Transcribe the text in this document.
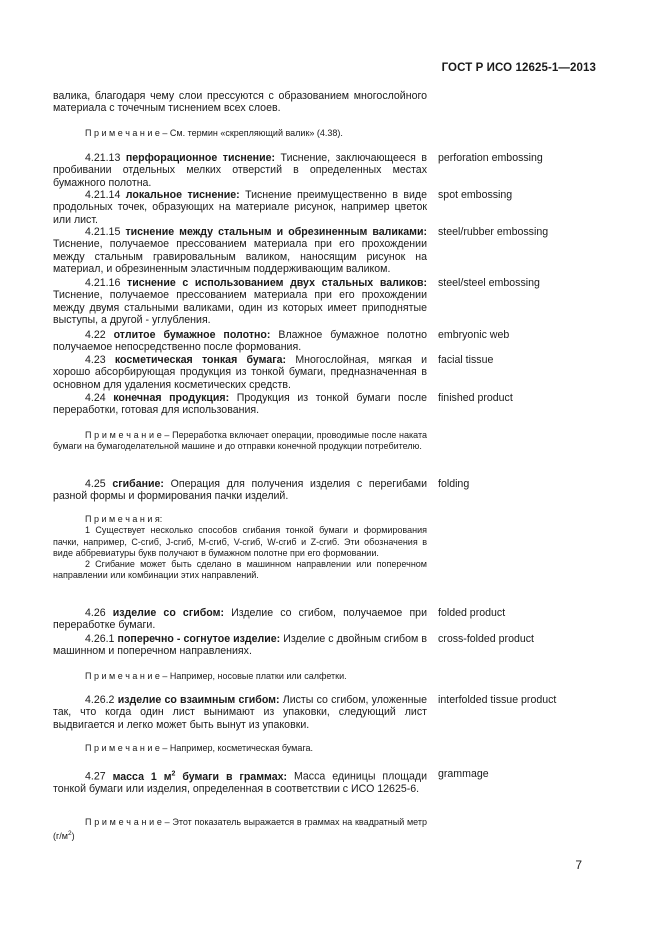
ГОСТ Р ИСО 12625-1—2013
валика, благодаря чему слои прессуются с образованием многослойного материала с точечным тиснением всех слоев.
П р и м е ч а н и е – См. термин «скрепляющий валик» (4.38).
4.21.13 перфорационное тиснение: Тиснение, заключающееся в пробивании отдельных мелких отверстий в определенных местах бумажного полотна.
perforation embossing
4.21.14 локальное тиснение: Тиснение преимущественно в виде продольных точек, образующих на материале рисунок, например цветок или лист.
spot embossing
4.21.15 тиснение между стальным и обрезиненным валиками: Тиснение, получаемое прессованием материала при его прохождении между стальным гравировальным валиком, наносящим рисунок на материал, и обрезиненным эластичным поддерживающим валиком.
steel/rubber embossing
4.21.16 тиснение с использованием двух стальных валиков: Тиснение, получаемое прессованием материала при его прохождении между двумя стальными валиками, один из которых имеет приподнятые выступы, а другой - углубления.
steel/steel embossing
4.22 отлитое бумажное полотно: Влажное бумажное полотно получаемое непосредственно после формования.
embryonic web
4.23 косметическая тонкая бумага: Многослойная, мягкая и хорошо абсорбирующая продукция из тонкой бумаги, предназначенная в основном для удаления косметических средств.
facial tissue
4.24 конечная продукция: Продукция из тонкой бумаги после переработки, готовая для использования.
finished product
П р и м е ч а н и е – Переработка включает операции, проводимые после наката бумаги на бумагоделательной машине и до отправки конечной продукции потребителю.
4.25 сгибание: Операция для получения изделия с перегибами разной формы и формирования пачки изделий.
folding
П р и м е ч а н и я:
1 Существует несколько способов сгибания тонкой бумаги и формирования пачки, например, C-сгиб, J-сгиб, M-сгиб, V-сгиб, W-сгиб и Z-сгиб. Эти обозначения в виде аббревиатуры букв получают в бумажном полотне при его формовании.
2 Сгибание может быть сделано в машинном направлении или поперечном направлении или комбинации этих направлений.
4.26 изделие со сгибом: Изделие со сгибом, получаемое при переработке бумаги.
folded product
4.26.1 поперечно - согнутое изделие: Изделие с двойным сгибом в машинном и поперечном направлениях.
cross-folded product
П р и м е ч а н и е – Например, носовые платки или салфетки.
4.26.2 изделие со взаимным сгибом: Листы со сгибом, уложенные так, что когда один лист вынимают из упаковки, следующий лист выдвигается и легко может быть вынут из упаковки.
interfolded tissue product
П р и м е ч а н и е – Например, косметическая бумага.
4.27 масса 1 $м^2$ бумаги в граммах: Масса единицы площади тонкой бумаги или изделия, определенная в соответствии с ИСО 12625-6.
grammage
П р и м е ч а н и е – Этот показатель выражается в граммах на квадратный метр $(г/м^2)$
7
